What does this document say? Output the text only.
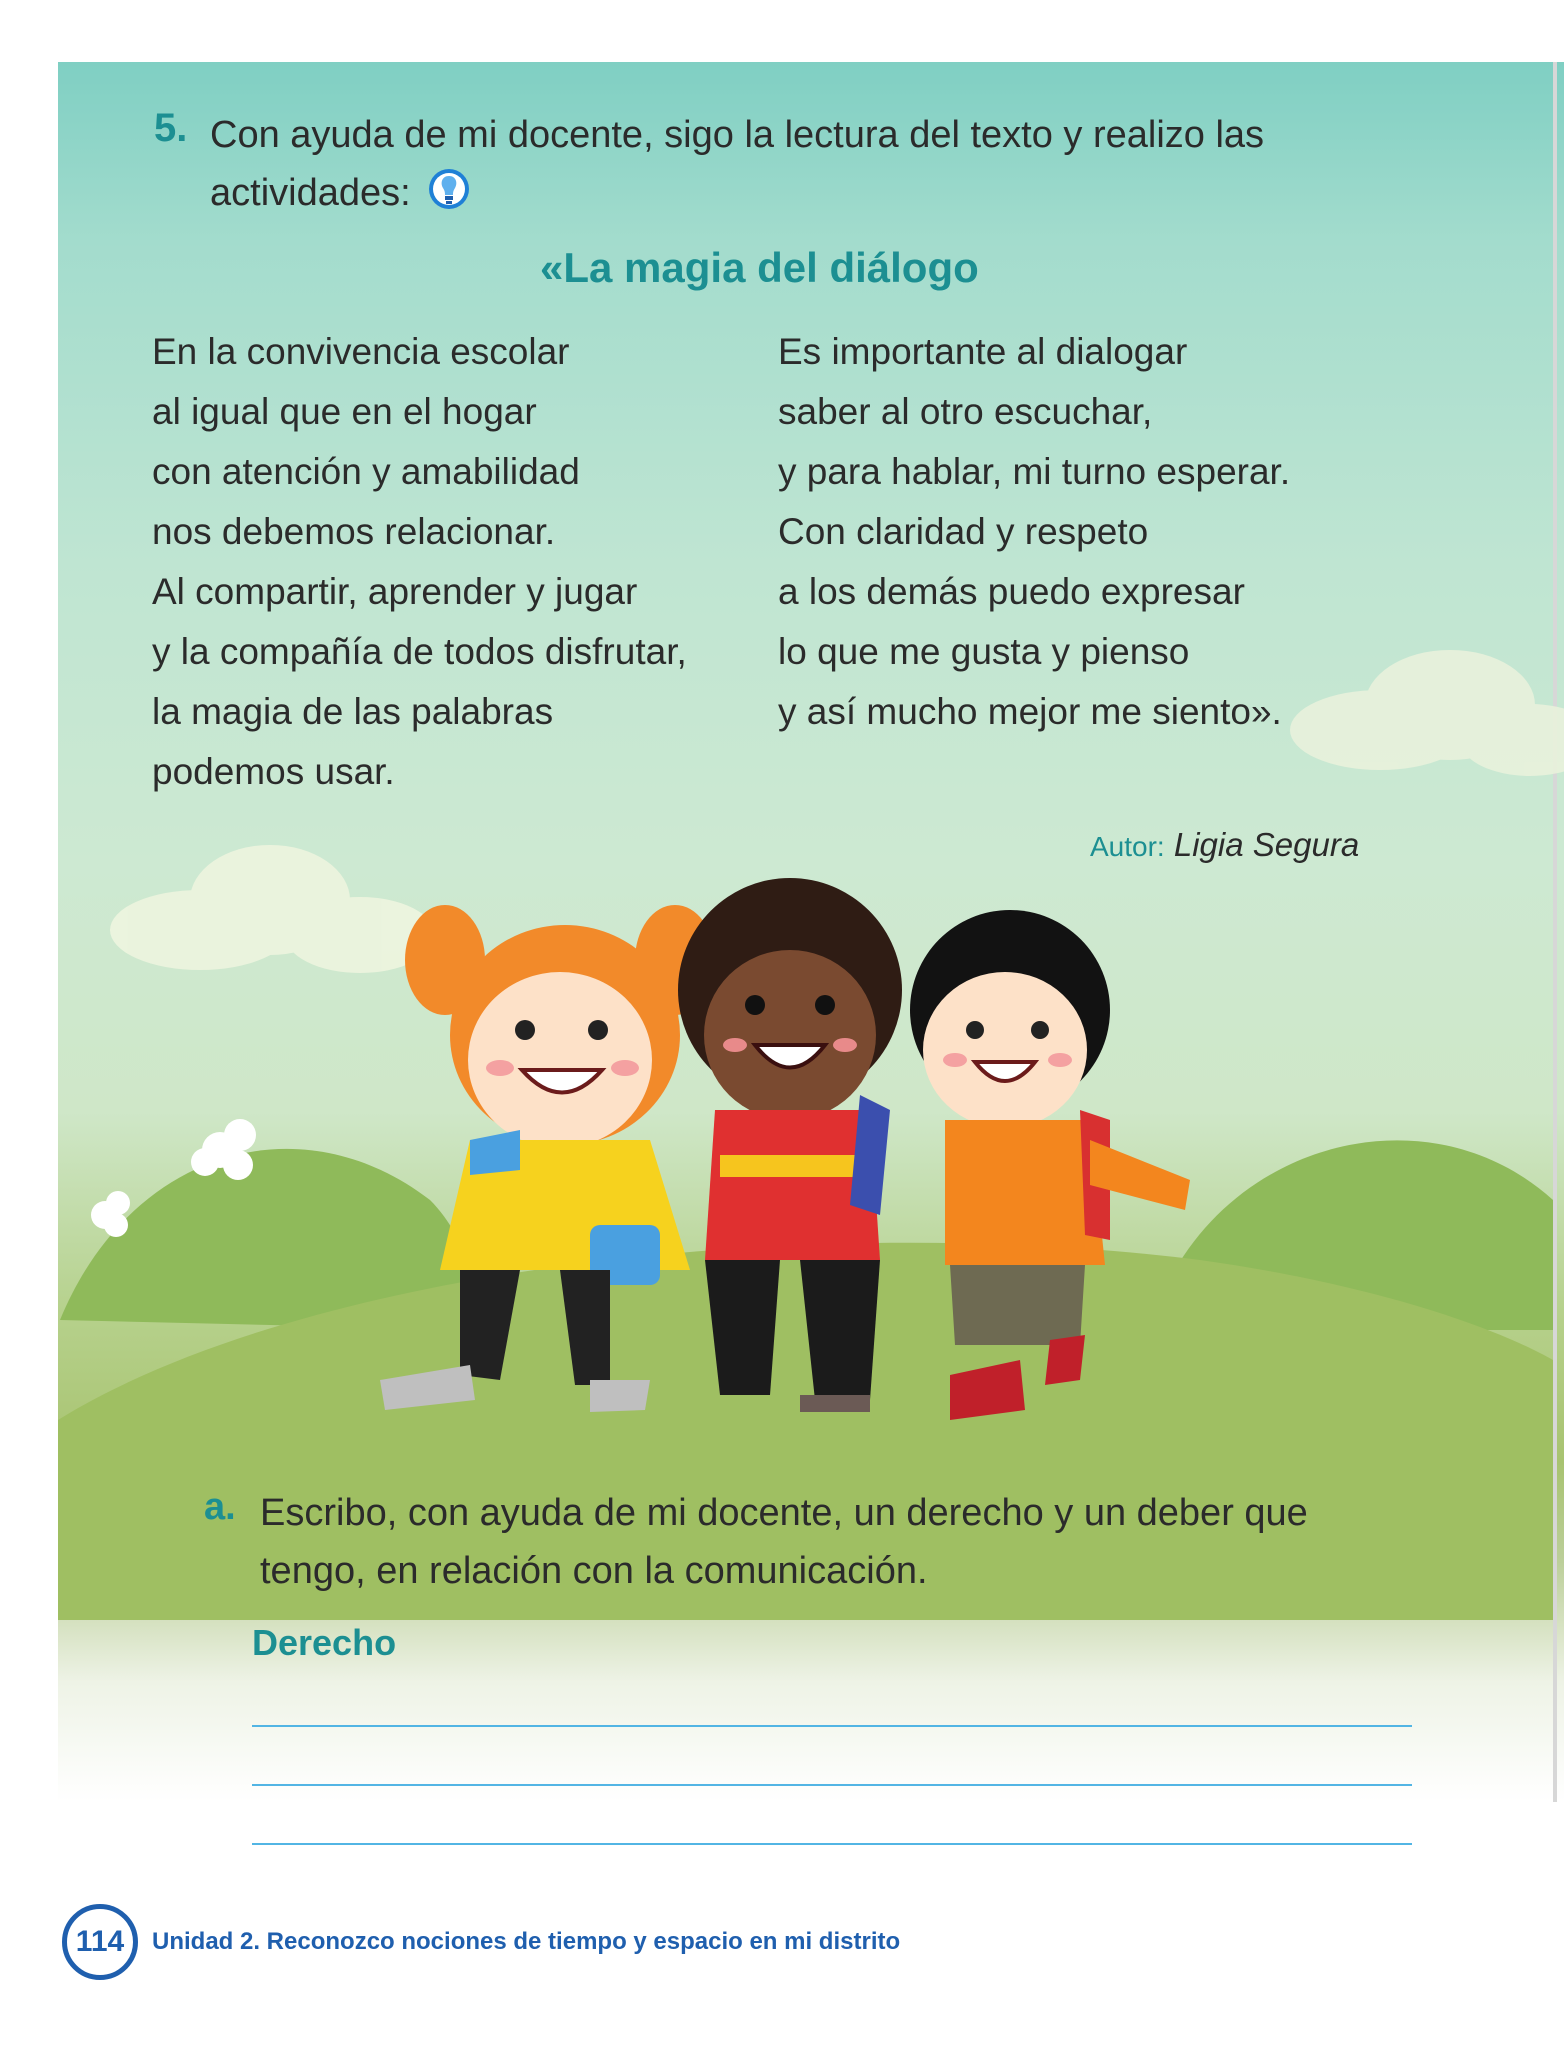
5. Con ayuda de mi docente, sigo la lectura del texto y realizo las actividades:
«La magia del diálogo
En la convivencia escolar
al igual que en el hogar
con atención y amabilidad
nos debemos relacionar.
Al compartir, aprender y jugar
y la compañía de todos disfrutar,
la magia de las palabras
podemos usar.
Es importante al dialogar
saber al otro escuchar,
y para hablar, mi turno esperar.
Con claridad y respeto
a los demás puedo expresar
lo que me gusta y pienso
y así mucho mejor me siento».
Autor: Ligia Segura
a. Escribo, con ayuda de mi docente, un derecho y un deber que tengo, en relación con la comunicación.
Derecho
114	Unidad 2. Reconozco nociones de tiempo y espacio en mi distrito
